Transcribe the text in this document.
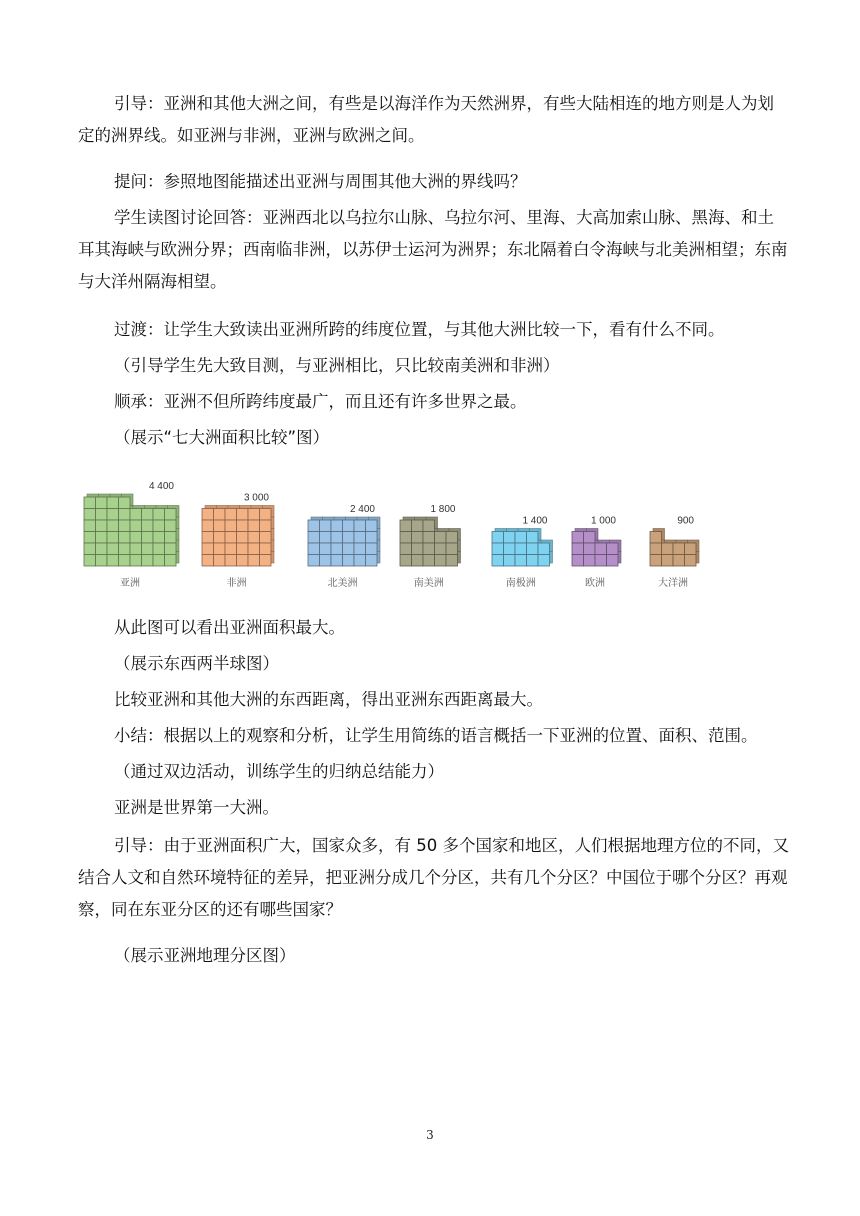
引导：亚洲和其他大洲之间，有些是以海洋作为天然洲界，有些大陆相连的地方则是人为划定的洲界线。如亚洲与非洲，亚洲与欧洲之间。

提问：参照地图能描述出亚洲与周围其他大洲的界线吗？

学生读图讨论回答：亚洲西北以乌拉尔山脉、乌拉尔河、里海、大高加索山脉、黑海、和土耳其海峡与欧洲分界；西南临非洲，以苏伊士运河为洲界；东北隔着白令海峡与北美洲相望；东南与大洋州隔海相望。

过渡：让学生大致读出亚洲所跨的纬度位置，与其他大洲比较一下，看有什么不同。

（引导学生先大致目测，与亚洲相比，只比较南美洲和非洲）

顺承：亚洲不但所跨纬度最广，而且还有许多世界之最。

（展示“七大洲面积比较”图）

4 400
亚洲
3 000
非洲
2 400
北美洲
1 800
南美洲
1 400
南极洲
1 000
欧洲
900
大洋洲

从此图可以看出亚洲面积最大。

（展示东西两半球图）

比较亚洲和其他大洲的东西距离，得出亚洲东西距离最大。

小结：根据以上的观察和分析，让学生用简练的语言概括一下亚洲的位置、面积、范围。

（通过双边活动，训练学生的归纳总结能力）

亚洲是世界第一大洲。

引导：由于亚洲面积广大，国家众多，有 50 多个国家和地区，人们根据地理方位的不同，又结合人文和自然环境特征的差异，把亚洲分成几个分区，共有几个分区？中国位于哪个分区？再观察，同在东亚分区的还有哪些国家？

（展示亚洲地理分区图）

3
